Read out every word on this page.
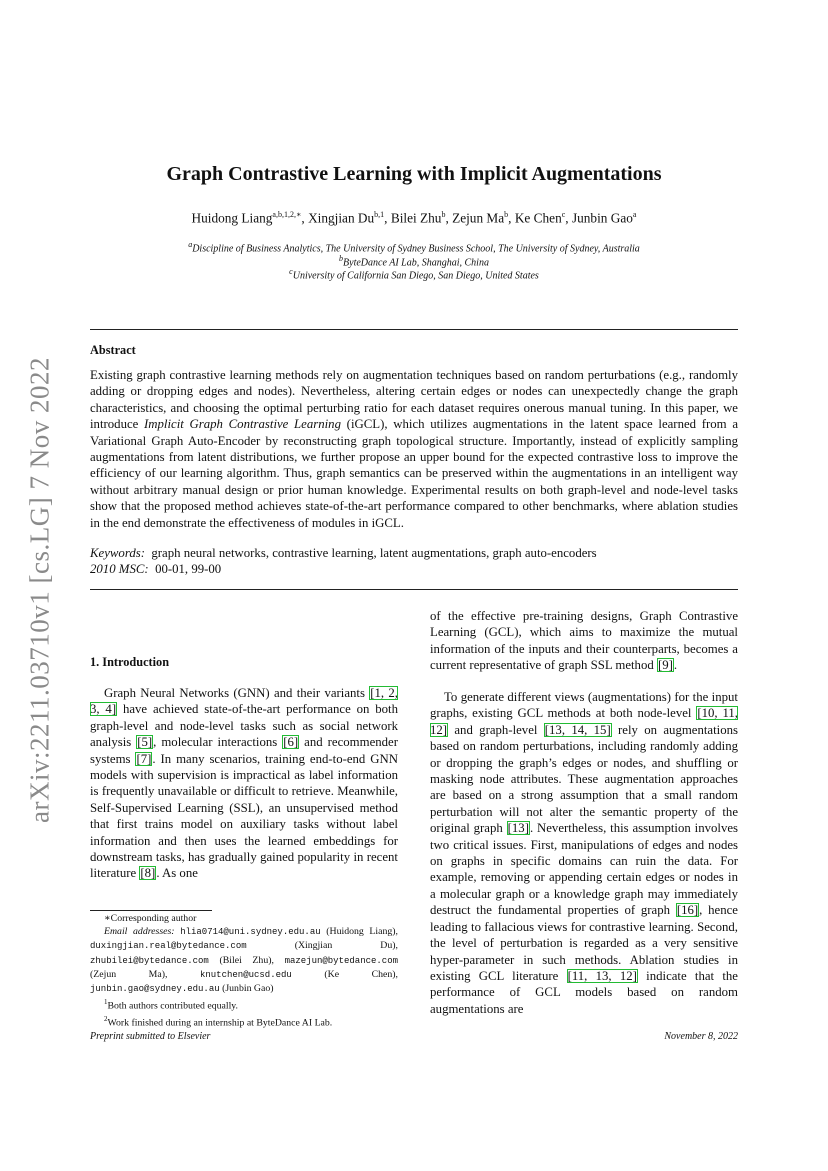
arXiv:2211.03710v1 [cs.LG] 7 Nov 2022
Graph Contrastive Learning with Implicit Augmentations
Huidong Liang$^{a,b,1,2,∗}$, Xingjian Du$^{b,1}$, Bilei Zhu$^b$, Zejun Ma$^b$, Ke Chen$^c$, Junbin Gao$^a$
$^a$Discipline of Business Analytics, The University of Sydney Business School, The University of Sydney, Australia
$^b$ByteDance AI Lab, Shanghai, China
$^c$University of California San Diego, San Diego, United States
Abstract
Existing graph contrastive learning methods rely on augmentation techniques based on random perturbations (e.g., randomly adding or dropping edges and nodes). Nevertheless, altering certain edges or nodes can unexpectedly change the graph characteristics, and choosing the optimal perturbing ratio for each dataset requires onerous manual tuning. In this paper, we introduce Implicit Graph Contrastive Learning (iGCL), which utilizes augmentations in the latent space learned from a Variational Graph Auto-Encoder by reconstructing graph topological structure. Importantly, instead of explicitly sampling augmentations from latent distributions, we further propose an upper bound for the expected contrastive loss to improve the efficiency of our learning algorithm. Thus, graph semantics can be preserved within the augmentations in an intelligent way without arbitrary manual design or prior human knowledge. Experimental results on both graph-level and node-level tasks show that the proposed method achieves state-of-the-art performance compared to other benchmarks, where ablation studies in the end demonstrate the effectiveness of modules in iGCL.
Keywords: graph neural networks, contrastive learning, latent augmentations, graph auto-encoders
2010 MSC: 00-01, 99-00
1. Introduction

Graph Neural Networks (GNN) and their variants [1, 2, 3, 4] have achieved state-of-the-art performance on both graph-level and node-level tasks such as social network analysis [5], molecular interactions [6] and recommender systems [7]. In many scenarios, training end-to-end GNN models with supervision is impractical as label information is frequently unavailable or difficult to retrieve. Meanwhile, Self-Supervised Learning (SSL), an unsupervised method that first trains model on auxiliary tasks without label information and then uses the learned embeddings for downstream tasks, has gradually gained popularity in recent literature [8]. As one

of the effective pre-training designs, Graph Contrastive Learning (GCL), which aims to maximize the mutual information of the inputs and their counterparts, becomes a current representative of graph SSL method [9].

To generate different views (augmentations) for the input graphs, existing GCL methods at both node-level [10, 11, 12] and graph-level [13, 14, 15] rely on augmentations based on random perturbations, including randomly adding or dropping the graph’s edges or nodes, and shuffling or masking node attributes. These augmentation approaches are based on a strong assumption that a small random perturbation will not alter the semantic property of the original graph [13]. Nevertheless, this assumption involves two critical issues. First, manipulations of edges and nodes on graphs in specific domains can ruin the data. For example, removing or appending certain edges or nodes in a molecular graph or a knowledge graph may immediately destruct the fundamental properties of graph [16], hence leading to fallacious views for contrastive learning. Second, the level of perturbation is regarded as a very sensitive hyper-parameter in such methods. Ablation studies in existing GCL literature [11, 13, 12] indicate that the performance of GCL models based on random augmentations are

∗Corresponding author

Email addresses: hlia0714@uni.sydney.edu.au (Huidong Liang), duxingjian.real@bytedance.com (Xingjian Du), zhubilei@bytedance.com (Bilei Zhu), mazejun@bytedance.com (Zejun Ma), knutchen@ucsd.edu (Ke Chen), junbin.gao@sydney.edu.au (Junbin Gao)

$^1$Both authors contributed equally.

$^2$Work finished during an internship at ByteDance AI Lab.

Preprint submitted to Elsevier	November 8, 2022
